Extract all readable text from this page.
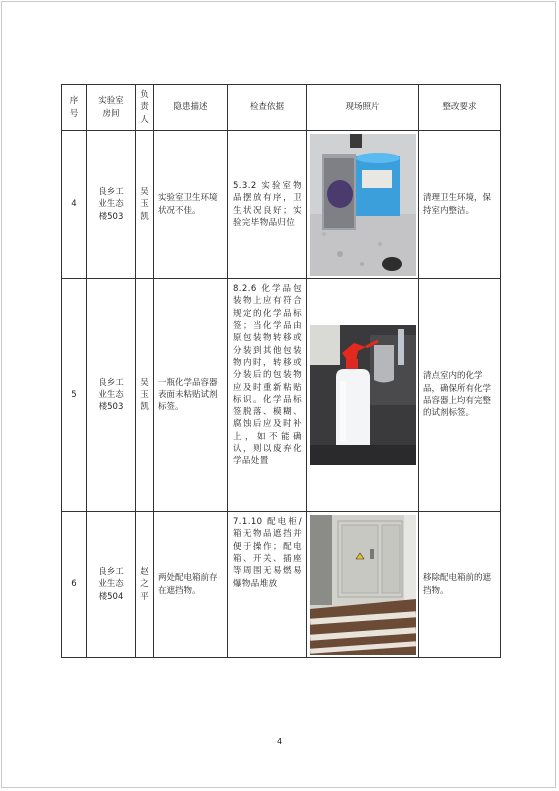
序号	实验室房间	负责人	隐患描述	检查依据	现场照片	整改要求
4	良乡工业生态楼503	吴玉凯	实验室卫生环境状况不佳。	5.3.2 实验室物品摆放有序，卫生状况良好；实验完毕物品归位		清理卫生环境，保持室内整洁。
5	良乡工业生态楼503	吴玉凯	一瓶化学品容器表面未粘贴试剂标签。	8.2.6 化学品包装物上应有符合规定的化学品标签；当化学品由原包装物转移或分装到其他包装物内时，转移或分装后的包装物应及时重新粘贴标识。化学品标签脱落、模糊、腐蚀后应及时补上，如不能确认，则以废弃化学品处置		清点室内的化学品，确保所有化学品容器上均有完整的试剂标签。
6	良乡工业生态楼504	赵之平	两处配电箱前存在遮挡物。	7.1.10 配电柜/箱无物品遮挡并便于操作；配电箱、开关、插座等周围无易燃易爆物品堆放		移除配电箱前的遮挡物。
4
